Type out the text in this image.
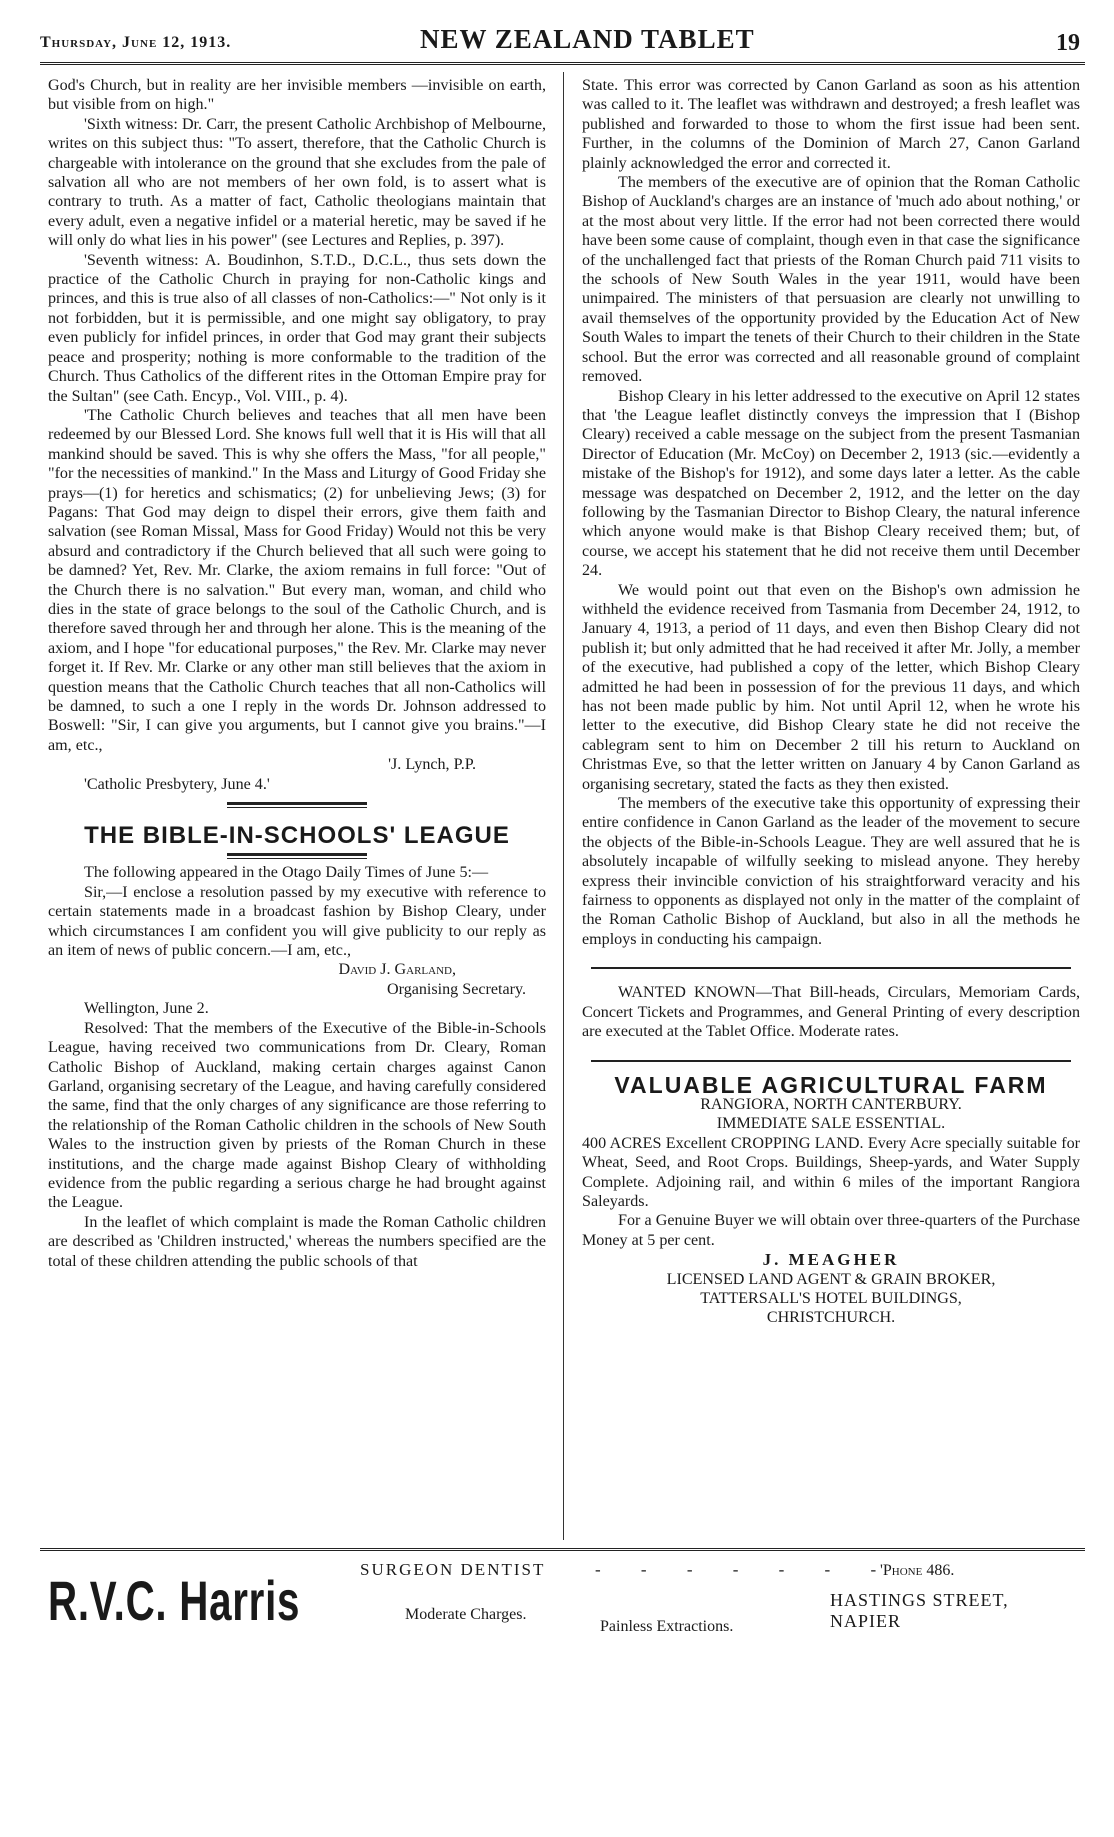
Thursday, June 12, 1913.	NEW ZEALAND TABLET	19

God's Church, but in reality are her invisible members —invisible on earth, but visible from on high."

'Sixth witness: Dr. Carr, the present Catholic Archbishop of Melbourne, writes on this subject thus: "To assert, therefore, that the Catholic Church is chargeable with intolerance on the ground that she excludes from the pale of salvation all who are not members of her own fold, is to assert what is contrary to truth. As a matter of fact, Catholic theologians maintain that every adult, even a negative infidel or a material heretic, may be saved if he will only do what lies in his power" (see Lectures and Replies, p. 397).

'Seventh witness: A. Boudinhon, S.T.D., D.C.L., thus sets down the practice of the Catholic Church in praying for non-Catholic kings and princes, and this is true also of all classes of non-Catholics:—" Not only is it not forbidden, but it is permissible, and one might say obligatory, to pray even publicly for infidel princes, in order that God may grant their subjects peace and prosperity; nothing is more conformable to the tradition of the Church. Thus Catholics of the different rites in the Ottoman Empire pray for the Sultan" (see Cath. Encyp., Vol. VIII., p. 4).

'The Catholic Church believes and teaches that all men have been redeemed by our Blessed Lord. She knows full well that it is His will that all mankind should be saved. This is why she offers the Mass, "for all people," "for the necessities of mankind." In the Mass and Liturgy of Good Friday she prays—(1) for heretics and schismatics; (2) for unbelieving Jews; (3) for Pagans: That God may deign to dispel their errors, give them faith and salvation (see Roman Missal, Mass for Good Friday) Would not this be very absurd and contradictory if the Church believed that all such were going to be damned? Yet, Rev. Mr. Clarke, the axiom remains in full force: "Out of the Church there is no salvation." But every man, woman, and child who dies in the state of grace belongs to the soul of the Catholic Church, and is therefore saved through her and through her alone. This is the meaning of the axiom, and I hope "for educational purposes," the Rev. Mr. Clarke may never forget it. If Rev. Mr. Clarke or any other man still believes that the axiom in question means that the Catholic Church teaches that all non-Catholics will be damned, to such a one I reply in the words Dr. Johnson addressed to Boswell: "Sir, I can give you arguments, but I cannot give you brains."—I am, etc.,

'J. Lynch, P.P.

'Catholic Presbytery, June 4.'

THE BIBLE-IN-SCHOOLS' LEAGUE

The following appeared in the Otago Daily Times of June 5:—

Sir,—I enclose a resolution passed by my executive with reference to certain statements made in a broadcast fashion by Bishop Cleary, under which circumstances I am confident you will give publicity to our reply as an item of news of public concern.—I am, etc.,

David J. Garland,

Organising Secretary.

Wellington, June 2.

Resolved: That the members of the Executive of the Bible-in-Schools League, having received two communications from Dr. Cleary, Roman Catholic Bishop of Auckland, making certain charges against Canon Garland, organising secretary of the League, and having carefully considered the same, find that the only charges of any significance are those referring to the relationship of the Roman Catholic children in the schools of New South Wales to the instruction given by priests of the Roman Church in these institutions, and the charge made against Bishop Cleary of withholding evidence from the public regarding a serious charge he had brought against the League.

In the leaflet of which complaint is made the Roman Catholic children are described as 'Children instructed,' whereas the numbers specified are the total of these children attending the public schools of that

State. This error was corrected by Canon Garland as soon as his attention was called to it. The leaflet was withdrawn and destroyed; a fresh leaflet was published and forwarded to those to whom the first issue had been sent. Further, in the columns of the Dominion of March 27, Canon Garland plainly acknowledged the error and corrected it.

The members of the executive are of opinion that the Roman Catholic Bishop of Auckland's charges are an instance of 'much ado about nothing,' or at the most about very little. If the error had not been corrected there would have been some cause of complaint, though even in that case the significance of the unchallenged fact that priests of the Roman Church paid 711 visits to the schools of New South Wales in the year 1911, would have been unimpaired. The ministers of that persuasion are clearly not unwilling to avail themselves of the opportunity provided by the Education Act of New South Wales to impart the tenets of their Church to their children in the State school. But the error was corrected and all reasonable ground of complaint removed.

Bishop Cleary in his letter addressed to the executive on April 12 states that 'the League leaflet distinctly conveys the impression that I (Bishop Cleary) received a cable message on the subject from the present Tasmanian Director of Education (Mr. McCoy) on December 2, 1913 (sic.—evidently a mistake of the Bishop's for 1912), and some days later a letter. As the cable message was despatched on December 2, 1912, and the letter on the day following by the Tasmanian Director to Bishop Cleary, the natural inference which anyone would make is that Bishop Cleary received them; but, of course, we accept his statement that he did not receive them until December 24.

We would point out that even on the Bishop's own admission he withheld the evidence received from Tasmania from December 24, 1912, to January 4, 1913, a period of 11 days, and even then Bishop Cleary did not publish it; but only admitted that he had received it after Mr. Jolly, a member of the executive, had published a copy of the letter, which Bishop Cleary admitted he had been in possession of for the previous 11 days, and which has not been made public by him. Not until April 12, when he wrote his letter to the executive, did Bishop Cleary state he did not receive the cablegram sent to him on December 2 till his return to Auckland on Christmas Eve, so that the letter written on January 4 by Canon Garland as organising secretary, stated the facts as they then existed.

The members of the executive take this opportunity of expressing their entire confidence in Canon Garland as the leader of the movement to secure the objects of the Bible-in-Schools League. They are well assured that he is absolutely incapable of wilfully seeking to mislead anyone. They hereby express their invincible conviction of his straightforward veracity and his fairness to opponents as displayed not only in the matter of the complaint of the Roman Catholic Bishop of Auckland, but also in all the methods he employs in conducting his campaign.

WANTED KNOWN—That Bill-heads, Circulars, Memoriam Cards, Concert Tickets and Programmes, and General Printing of every description are executed at the Tablet Office. Moderate rates.

VALUABLE AGRICULTURAL FARM

RANGIORA, NORTH CANTERBURY.

IMMEDIATE SALE ESSENTIAL.

400 ACRES Excellent CROPPING LAND. Every Acre specially suitable for Wheat, Seed, and Root Crops. Buildings, Sheep-yards, and Water Supply Complete. Adjoining rail, and within 6 miles of the important Rangiora Saleyards.

For a Genuine Buyer we will obtain over three-quarters of the Purchase Money at 5 per cent.

J. MEAGHER

LICENSED LAND AGENT & GRAIN BROKER,

TATTERSALL'S HOTEL BUILDINGS,

CHRISTCHURCH.

R.V.C. Harris	SURGEON DENTIST	- - - - - - -
'Phone 486.
HASTINGS STREET, NAPIER
Moderate Charges.
Painless Extractions.
